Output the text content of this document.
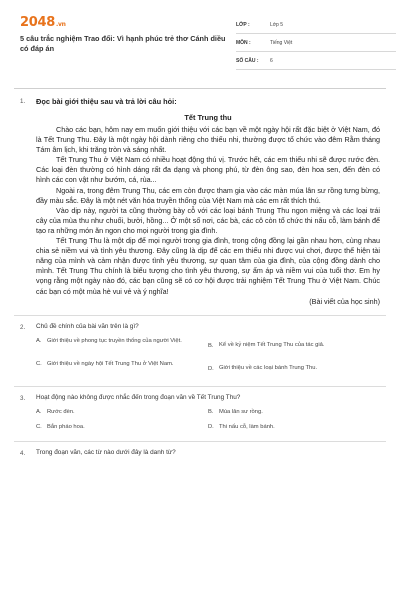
2048.vn
5 câu trắc nghiệm Trao đổi: Vì hạnh phúc trẻ thơ Cánh diều có đáp án
LỚP :	Lớp 5
MÔN :	Tiếng Việt
SỐ CÂU :	6
1.	Đọc bài giới thiệu sau và trả lời câu hỏi:
Tết Trung thu

Chào các bạn, hôm nay em muốn giới thiệu với các bạn về một ngày hội rất đặc biệt ở Việt Nam, đó là Tết Trung Thu. Đây là một ngày hội dành riêng cho thiếu nhi, thường được tổ chức vào đêm Rằm tháng Tám âm lịch, khi trăng tròn và sáng nhất.

Tết Trung Thu ở Việt Nam có nhiều hoạt động thú vị. Trước hết, các em thiếu nhi sẽ được rước đèn. Các loại đèn thường có hình dáng rất đa dạng và phong phú, từ đèn ông sao, đèn hoa sen, đến đèn có hình các con vật như bướm, cá, rùa...

Ngoài ra, trong đêm Trung Thu, các em còn được tham gia vào các màn múa lân sư rồng tưng bừng, đầy màu sắc. Đây là một nét văn hóa truyền thống của Việt Nam mà các em rất thích thú.

Vào dịp này, người ta cũng thường bày cỗ với các loại bánh Trung Thu ngon miệng và các loại trái cây của mùa thu như chuối, bưởi, hồng... Ở một số nơi, các bà, các cô còn tổ chức thi nấu cỗ, làm bánh để tạo ra những món ăn ngon cho mọi người trong gia đình.

Tết Trung Thu là một dịp để mọi người trong gia đình, trong cộng đồng lại gần nhau hơn, cùng nhau chia sẻ niềm vui và tình yêu thương. Đây cũng là dịp để các em thiếu nhi được vui chơi, được thể hiện tài năng của mình và cảm nhận được tình yêu thương, sự quan tâm của gia đình, của cộng đồng dành cho mình. Tết Trung Thu chính là biểu tượng cho tình yêu thương, sự ấm áp và niềm vui của tuổi thơ. Em hy vọng rằng một ngày nào đó, các bạn cũng sẽ có cơ hội được trải nghiệm Tết Trung Thu ở Việt Nam. Chúc các bạn có một mùa hè vui vẻ và ý nghĩa!

(Bài viết của học sinh)
2.	Chủ đề chính của bài văn trên là gì?
A. Giới thiệu về phong tục truyền thống của người Việt.
B. Kể về kỷ niệm Tết Trung Thu của tác giả.
C. Giới thiệu về ngày hội Tết Trung Thu ở Việt Nam.
D. Giới thiệu về các loại bánh Trung Thu.
3.	Hoạt động nào không được nhắc đến trong đoạn văn về Tết Trung Thu?
A. Rước đèn.	B. Múa lân sư rồng.
C. Bắn pháo hoa.	D. Thi nấu cỗ, làm bánh.
4.	Trong đoạn văn, các từ nào dưới đây là danh từ?
